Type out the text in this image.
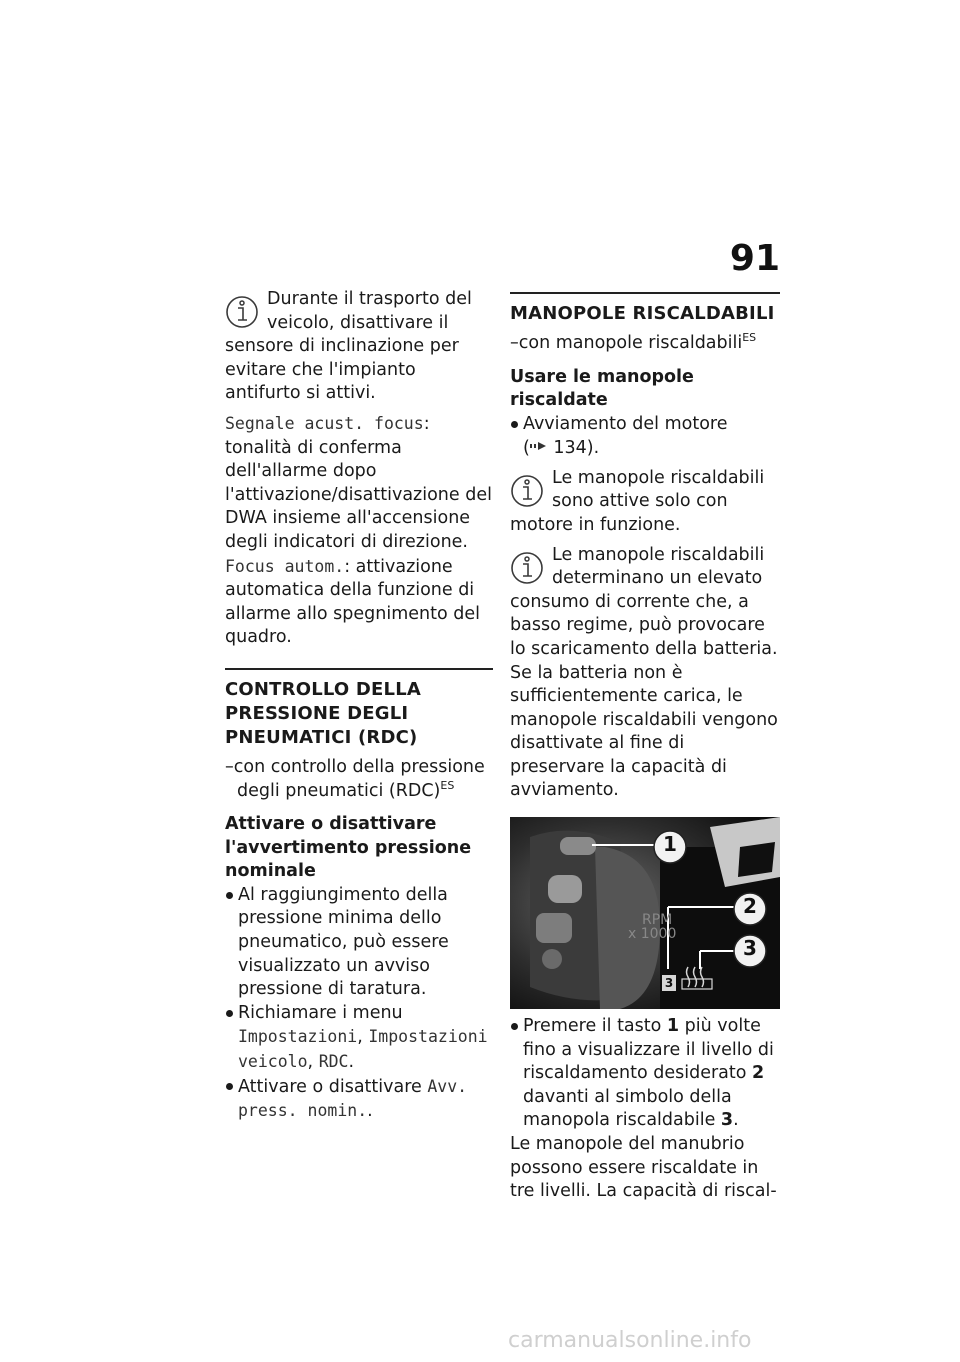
91

Durante il trasporto del veicolo, disattivare il sensore di inclinazione per evitare che l'impianto antifurto si attivi.

Segnale acust. focus: tonalità di conferma dell'allarme dopo l'attivazione/disattivazione del DWA insieme all'accensione degli indicatori di direzione.

Focus autom.: attivazione automatica della funzione di allarme allo spegnimento del quadro.

CONTROLLO DELLA PRESSIONE DEGLI PNEUMATICI (RDC)

–con controllo della pressione degli pneumatici (RDC)$^{ES}$

Attivare o disattivare l'avvertimento pressione nominale

Al raggiungimento della pressione minima dello pneumatico, può essere visualizzato un avviso pressione di taratura.

Richiamare i menu Impostazioni, Impostazioni veicolo, RDC.

Attivare o disattivare Avv. press. nomin..

MANOPOLE RISCALDABILI

–con manopole riscaldabili$^{ES}$

Usare le manopole riscaldate

Avviamento del motore

( 134).

Le manopole riscaldabili sono attive solo con motore in funzione.

Le manopole riscaldabili determinano un elevato consumo di corrente che, a basso regime, può provocare lo scaricamento della batteria. Se la batteria non è sufficientemente carica, le manopole riscaldabili vengono disattivate al fine di preservare la capacità di avviamento.

1
2
3
RPM
x 1000
3

Premere il tasto 1 più volte fino a visualizzare il livello di riscaldamento desiderato 2 davanti al simbolo della manopola riscaldabile 3.

Le manopole del manubrio possono essere riscaldate in tre livelli. La capacità di riscal-

carmanualsonline.info
